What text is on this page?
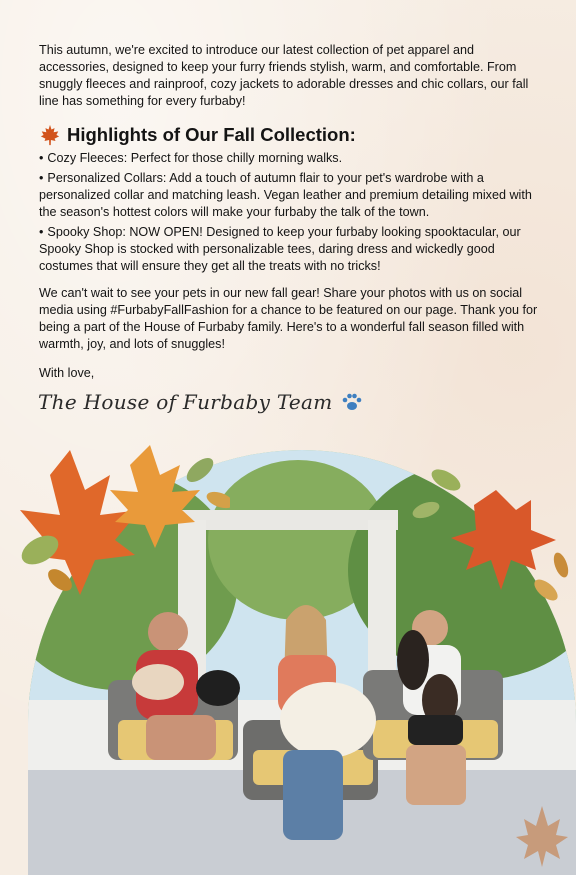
This autumn, we're excited to introduce our latest collection of pet apparel and accessories, designed to keep your furry friends stylish, warm, and comfortable. From snuggly fleeces and rainproof, cozy jackets to adorable dresses and chic collars, our fall line has something for every furbaby!

Highlights of Our Fall Collection:
• Cozy Fleeces: Perfect for those chilly morning walks.
• Personalized Collars: Add a touch of autumn flair to your pet's wardrobe with a personalized collar and matching leash. Vegan leather and premium detailing mixed with the season's hottest colors will make your furbaby the talk of the town.
• Spooky Shop: NOW OPEN! Designed to keep your furbaby looking spooktacular, our Spooky Shop is stocked with personalizable tees, daring dress and wickedly good costumes that will ensure they get all the treats with no tricks!

We can't wait to see your pets in our new fall gear! Share your photos with us on social media using #FurbabyFallFashion for a chance to be featured on our page. Thank you for being a part of the House of Furbaby family. Here's to a wonderful fall season filled with warmth, joy, and lots of snuggles!

With love,

The House of Furbaby Team
